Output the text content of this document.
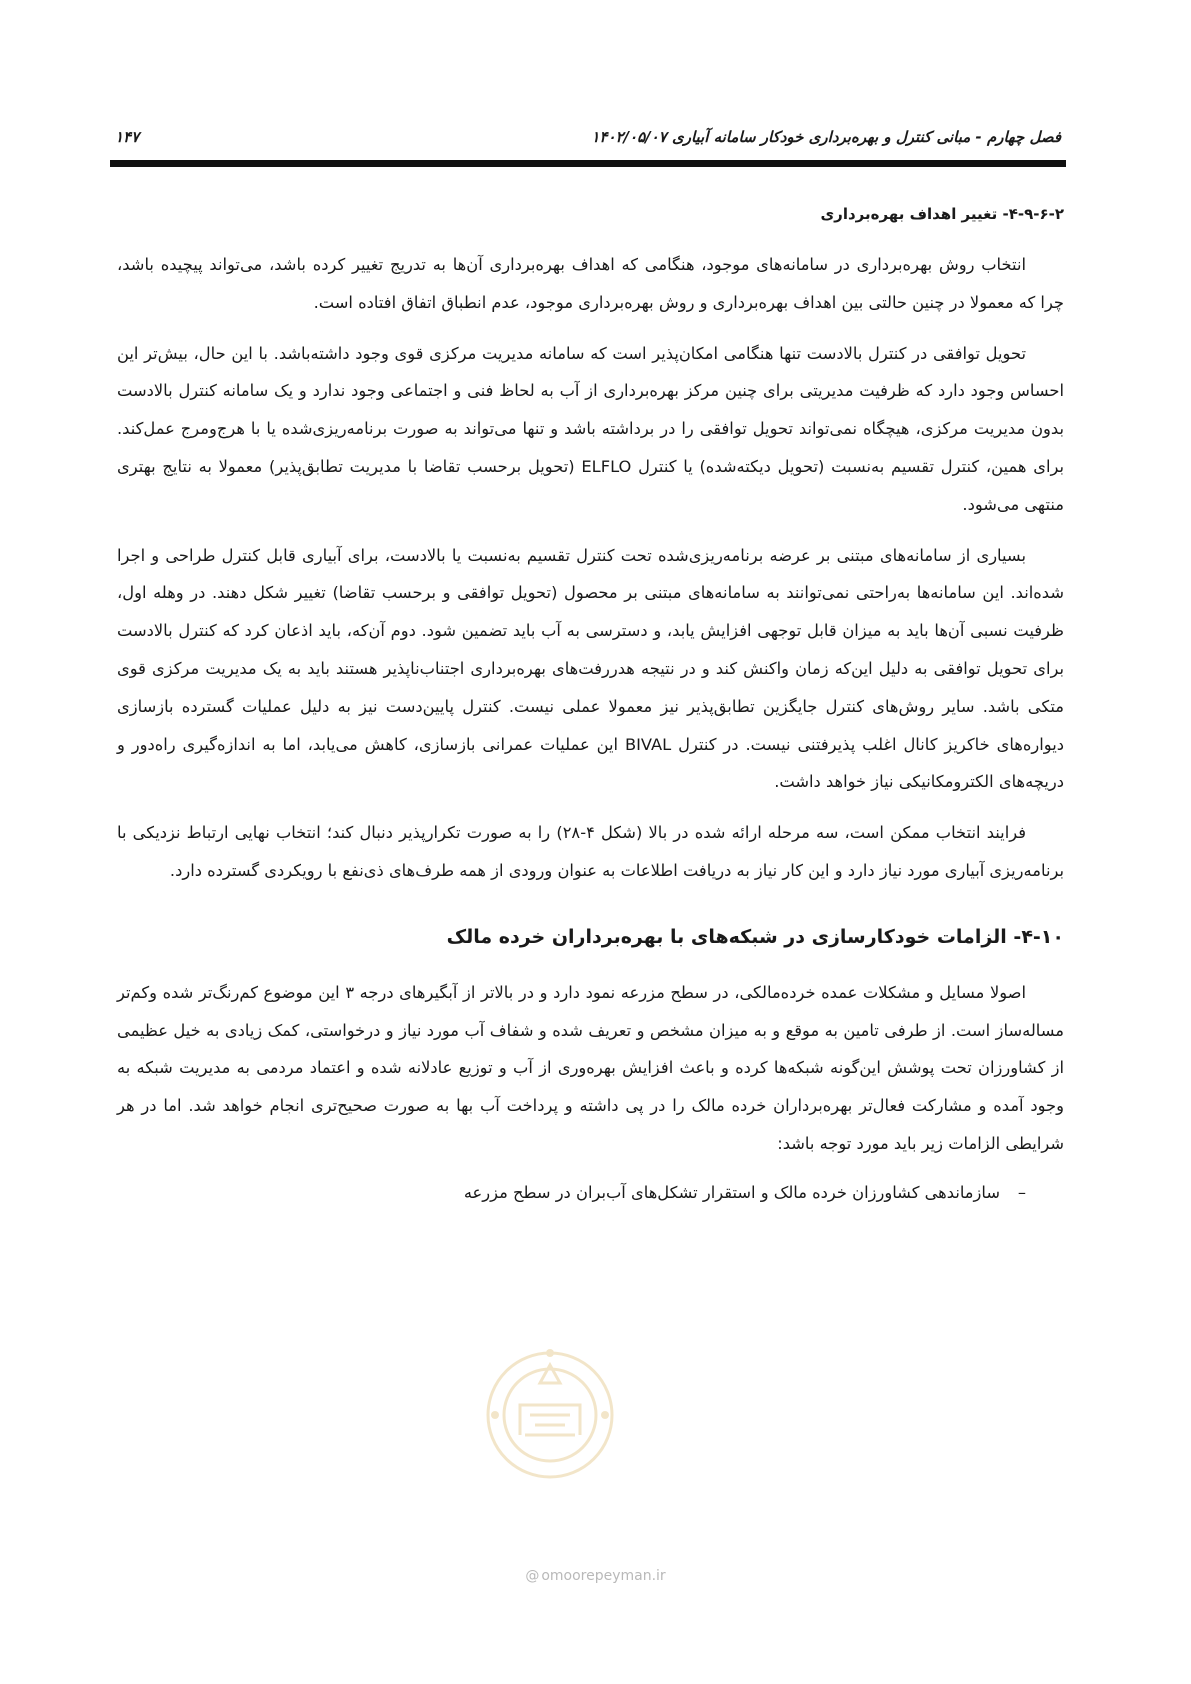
فصل چهارم - مبانی کنترل و بهره‌برداری خودکار سامانه آبیاری ۱۴۰۲/۰۵/۰۷
۱۴۷
۴-۹-۶-۲- تغییر اهداف بهره‌برداری

انتخاب روش بهره‌برداری در سامانه‌های موجود، هنگامی که اهداف بهره‌برداری آن‌ها به تدریج تغییر کرده باشد، می‌تواند پیچیده باشد، چرا که معمولا در چنین حالتی بین اهداف بهره‌برداری و روش بهره‌برداری موجود، عدم انطباق اتفاق افتاده است.

تحویل توافقی در کنترل بالادست تنها هنگامی امکان‌پذیر است که سامانه مدیریت مرکزی قوی وجود داشته‌باشد. با این حال، بیش‌تر این احساس وجود دارد که ظرفیت مدیریتی برای چنین مرکز بهره‌برداری از آب به لحاظ فنی و اجتماعی وجود ندارد و یک سامانه کنترل بالادست بدون مدیریت مرکزی، هیچگاه نمی‌تواند تحویل توافقی را در برداشته باشد و تنها می‌تواند به صورت برنامه‌ریزی‌شده یا با هرج‌ومرج عمل‌کند. برای همین، کنترل تقسیم به‌نسبت (تحویل دیکته‌شده) یا کنترل ELFLO (تحویل برحسب تقاضا با مدیریت تطابق‌پذیر) معمولا به نتایج بهتری منتهی می‌شود.

بسیاری از سامانه‌های مبتنی بر عرضه برنامه‌ریزی‌شده تحت کنترل تقسیم به‌نسبت یا بالادست، برای آبیاری قابل کنترل طراحی و اجرا شده‌اند. این سامانه‌ها به‌راحتی نمی‌توانند به سامانه‌های مبتنی بر محصول (تحویل توافقی و برحسب تقاضا) تغییر شکل دهند. در وهله اول، ظرفیت نسبی آن‌ها باید به میزان قابل توجهی افزایش یابد، و دسترسی به آب باید تضمین شود. دوم آن‌که، باید اذعان کرد که کنترل بالادست برای تحویل توافقی به دلیل این‌که زمان واکنش کند و در نتیجه هدررفت‌های بهره‌برداری اجتناب‌ناپذیر هستند باید به یک مدیریت مرکزی قوی متکی باشد. سایر روش‌های کنترل جایگزین تطابق‌پذیر نیز معمولا عملی نیست. کنترل پایین‌دست نیز به دلیل عملیات گسترده بازسازی دیواره‌های خاکریز کانال اغلب پذیرفتنی نیست. در کنترل BIVAL این عملیات عمرانی بازسازی، کاهش می‌یابد، اما به اندازه‌گیری راه‌دور و دریچه‌های الکترومکانیکی نیاز خواهد داشت.

فرایند انتخاب ممکن است، سه مرحله ارائه شده در بالا (شکل ۴-۲۸) را به صورت تکرارپذیر دنبال کند؛ انتخاب نهایی ارتباط نزدیکی با برنامه‌ریزی آبیاری مورد نیاز دارد و این کار نیاز به دریافت اطلاعات به عنوان ورودی از همه طرف‌های ذی‌نفع با رویکردی گسترده دارد.

۴-۱۰- الزامات خودکارسازی در شبکه‌های با بهره‌برداران خرده مالک

اصولا مسایل و مشکلات عمده خرده‌مالکی، در سطح مزرعه نمود دارد و در بالاتر از آبگیرهای درجه ۳ این موضوع کم‌رنگ‌تر شده وکم‌تر مساله‌ساز است. از طرفی تامین به موقع و به میزان مشخص و تعریف شده و شفاف آب مورد نیاز و درخواستی، کمک زیادی به خیل عظیمی از کشاورزان تحت پوشش این‌گونه شبکه‌ها کرده و باعث افزایش بهره‌وری از آب و توزیع عادلانه شده و اعتماد مردمی به مدیریت شبکه به وجود آمده و مشارکت فعال‌تر بهره‌برداران خرده مالک را در پی داشته و پرداخت آب بها به صورت صحیح‌تری انجام خواهد شد. اما در هر شرایطی الزامات زیر باید مورد توجه باشد:

–
سازماندهی کشاورزان خرده مالک و استقرار تشکل‌های آب‌بران در سطح مزرعه
@ omoorepeyman.ir
